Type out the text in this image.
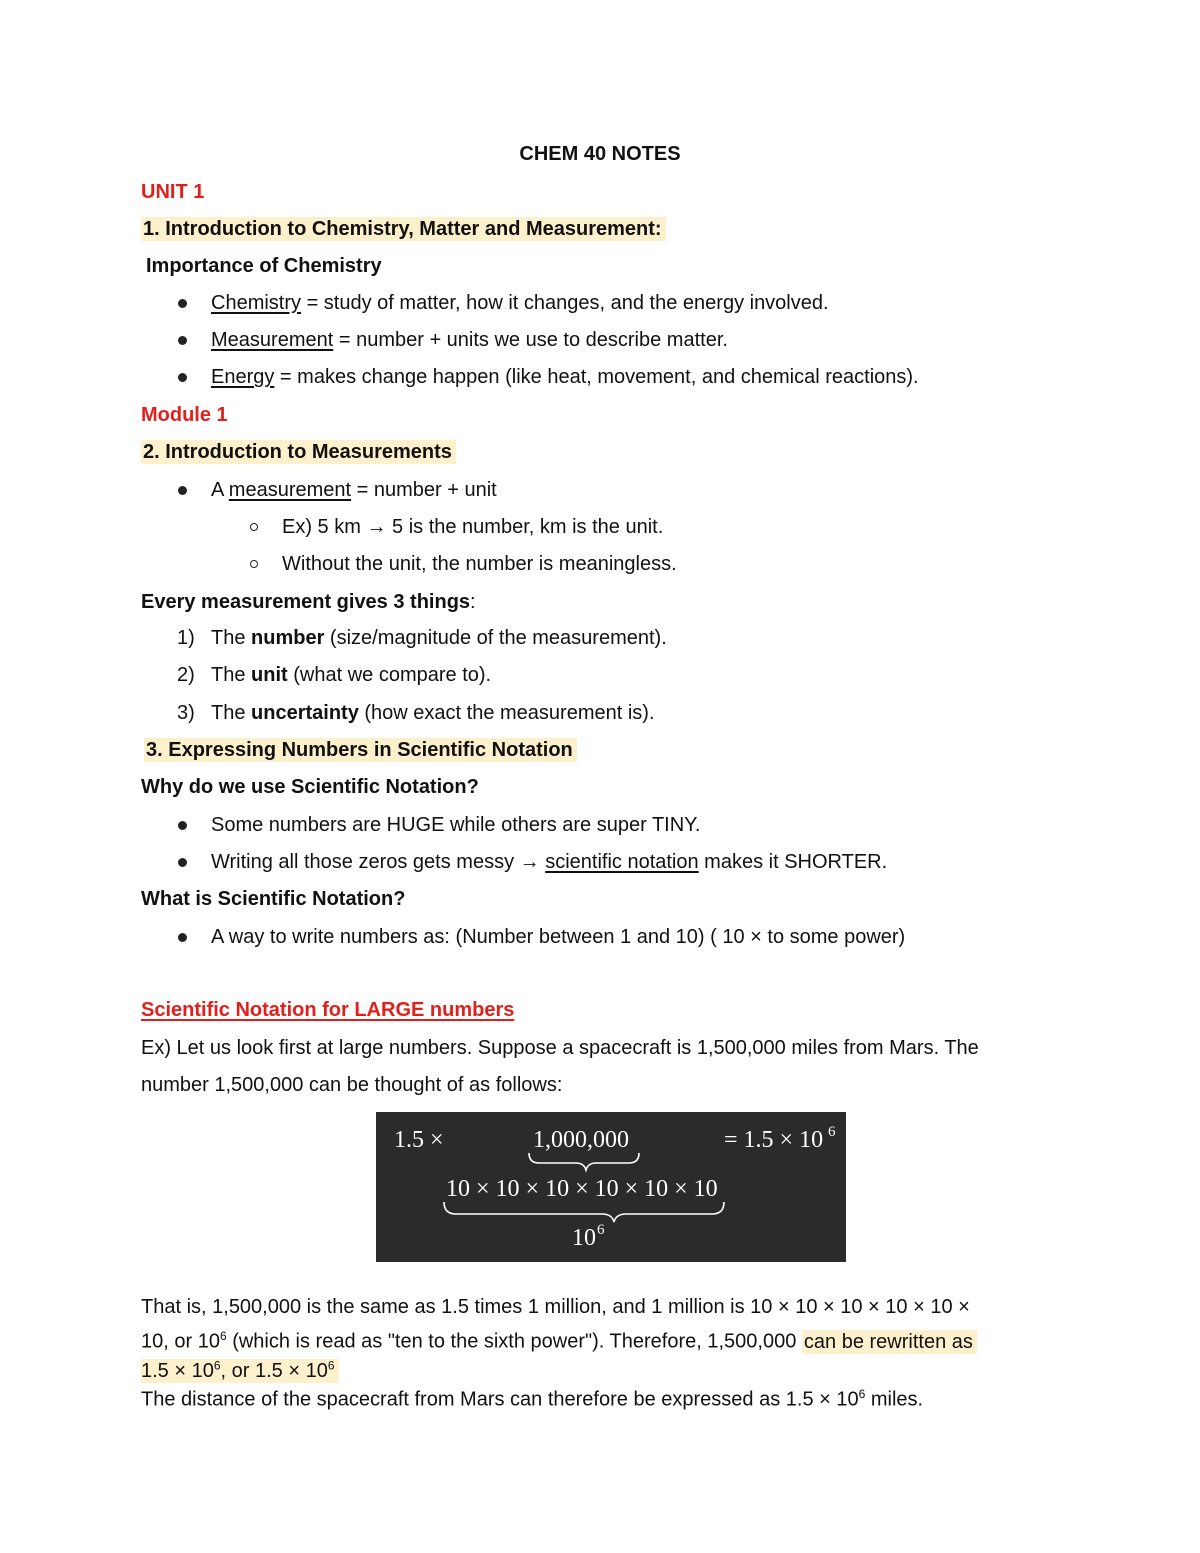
CHEM 40 NOTES
UNIT 1
1. Introduction to Chemistry, Matter and Measurement:
Importance of Chemistry
Chemistry = study of matter, how it changes, and the energy involved.
Measurement = number + units we use to describe matter.
Energy = makes change happen (like heat, movement, and chemical reactions).
Module 1
2. Introduction to Measurements
A measurement = number + unit
Ex) 5 km → 5 is the number, km is the unit.
Without the unit, the number is meaningless.
Every measurement gives 3 things:
1) The number (size/magnitude of the measurement).
2) The unit (what we compare to).
3) The uncertainty (how exact the measurement is).
3. Expressing Numbers in Scientific Notation
Why do we use Scientific Notation?
Some numbers are HUGE while others are super TINY.
Writing all those zeros gets messy → scientific notation makes it SHORTER.
What is Scientific Notation?
A way to write numbers as: (Number between 1 and 10) ( 10 × to some power)
Scientific Notation for LARGE numbers
Ex) Let us look first at large numbers. Suppose a spacecraft is 1,500,000 miles from Mars. The
number 1,500,000 can be thought of as follows:
1.5 ×	1,000,000	= 1.5 × 10 6
10 × 10 × 10 × 10 × 10 × 10
10 6
That is, 1,500,000 is the same as 1.5 times 1 million, and 1 million is 10 × 10 × 10 × 10 × 10 ×
10, or $10^6$ (which is read as "ten to the sixth power"). Therefore, 1,500,000 can be rewritten as
$1.5 \times 10^6$, or $1.5 \times 10^6$
The distance of the spacecraft from Mars can therefore be expressed as $1.5 \times 10^6$ miles.
